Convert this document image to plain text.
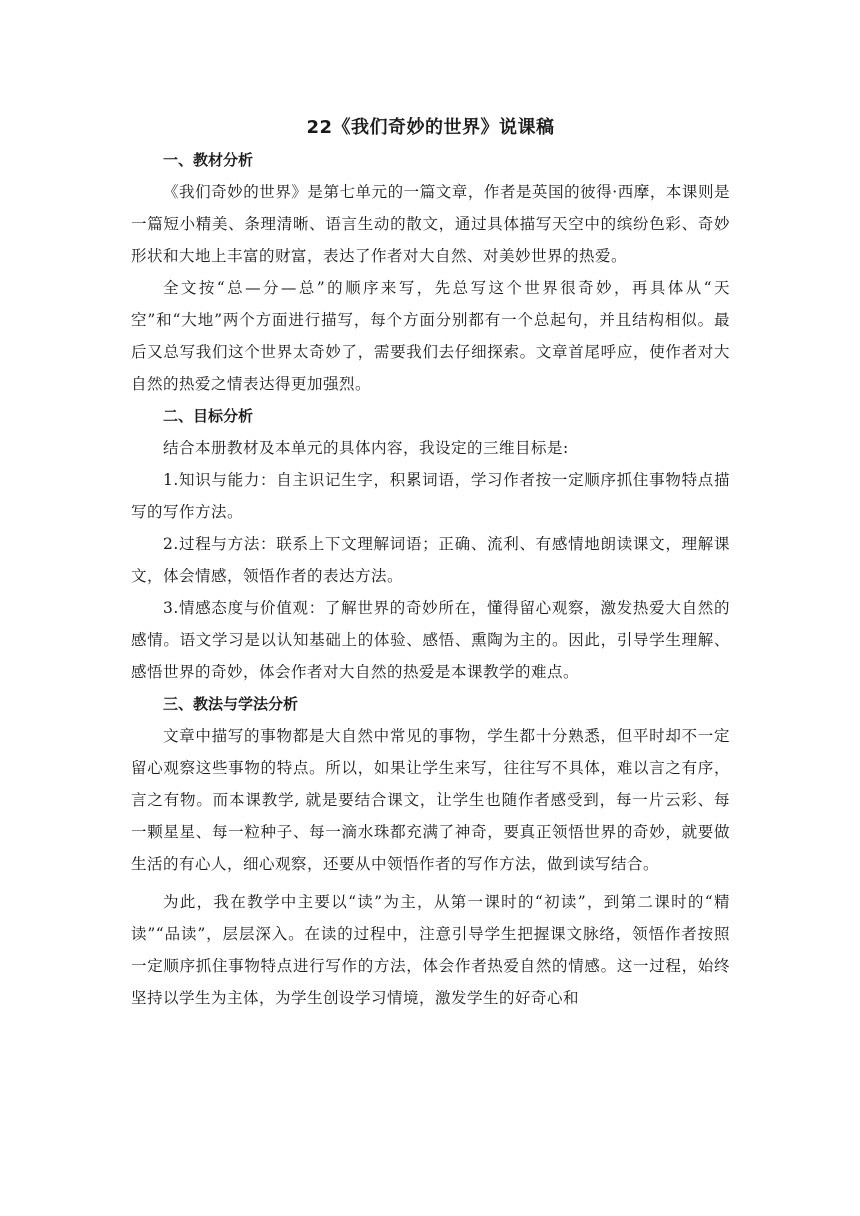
22《我们奇妙的世界》说课稿
一、教材分析

《我们奇妙的世界》是第七单元的一篇文章，作者是英国的彼得·西摩，本课则是一篇短小精美、条理清晰、语言生动的散文，通过具体描写天空中的缤纷色彩、奇妙形状和大地上丰富的财富，表达了作者对大自然、对美妙世界的热爱。

全文按“总—分—总”的顺序来写，先总写这个世界很奇妙，再具体从“天空”和“大地”两个方面进行描写，每个方面分别都有一个总起句，并且结构相似。最后又总写我们这个世界太奇妙了，需要我们去仔细探索。文章首尾呼应，使作者对大自然的热爱之情表达得更加强烈。

二、目标分析

结合本册教材及本单元的具体内容，我设定的三维目标是:

1.知识与能力：自主识记生字，积累词语，学习作者按一定顺序抓住事物特点描写的写作方法。

2.过程与方法：联系上下文理解词语；正确、流利、有感情地朗读课文，理解课文，体会情感，领悟作者的表达方法。

3.情感态度与价值观：了解世界的奇妙所在，懂得留心观察，激发热爱大自然的感情。语文学习是以认知基础上的体验、感悟、熏陶为主的。因此，引导学生理解、感悟世界的奇妙，体会作者对大自然的热爱是本课教学的难点。

三、教法与学法分析

文章中描写的事物都是大自然中常见的事物，学生都十分熟悉，但平时却不一定留心观察这些事物的特点。所以，如果让学生来写，往往写不具体，难以言之有序，言之有物。而本课教学, 就是要结合课文，让学生也随作者感受到，每一片云彩、每一颗星星、每一粒种子、每一滴水珠都充满了神奇，要真正领悟世界的奇妙，就要做生活的有心人，细心观察，还要从中领悟作者的写作方法，做到读写结合。

为此，我在教学中主要以“读”为主，从第一课时的“初读”，到第二课时的“精读”“品读”，层层深入。在读的过程中，注意引导学生把握课文脉络，领悟作者按照一定顺序抓住事物特点进行写作的方法，体会作者热爱自然的情感。这一过程，始终坚持以学生为主体，为学生创设学习情境，激发学生的好奇心和
